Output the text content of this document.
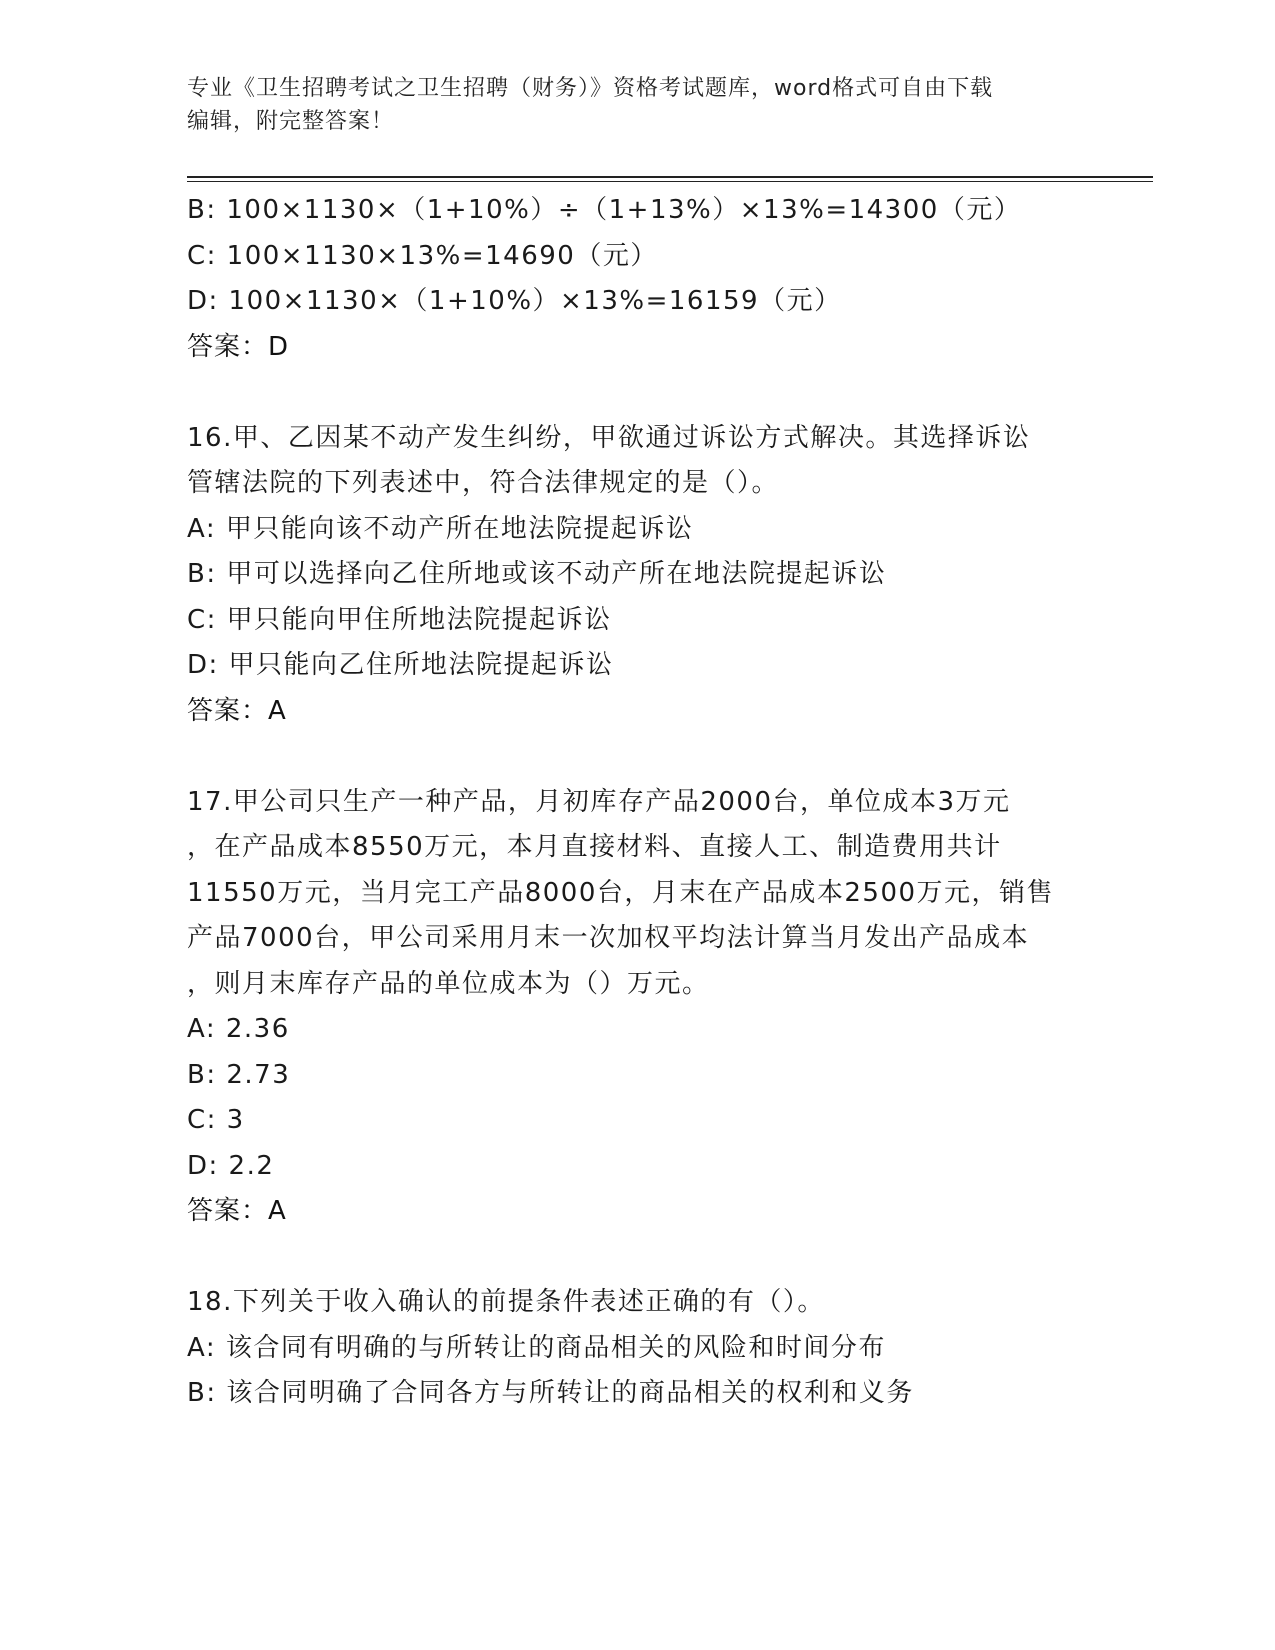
专业《卫生招聘考试之卫生招聘（财务）》资格考试题库，word格式可自由下载
编辑，附完整答案！
B: 100×1130×（1+10%）÷（1+13%）×13%=14300（元）
C: 100×1130×13%=14690（元）
D: 100×1130×（1+10%）×13%=16159（元）
答案：D
16.甲、乙因某不动产发生纠纷，甲欲通过诉讼方式解决。其选择诉讼
管辖法院的下列表述中，符合法律规定的是（）。
A: 甲只能向该不动产所在地法院提起诉讼
B: 甲可以选择向乙住所地或该不动产所在地法院提起诉讼
C: 甲只能向甲住所地法院提起诉讼
D: 甲只能向乙住所地法院提起诉讼
答案：A
17.甲公司只生产一种产品，月初库存产品2000台，单位成本3万元
，在产品成本8550万元，本月直接材料、直接人工、制造费用共计
11550万元，当月完工产品8000台，月末在产品成本2500万元，销售
产品7000台，甲公司采用月末一次加权平均法计算当月发出产品成本
，则月末库存产品的单位成本为（）万元。
A: 2.36
B: 2.73
C: 3
D: 2.2
答案：A
18.下列关于收入确认的前提条件表述正确的有（）。
A: 该合同有明确的与所转让的商品相关的风险和时间分布
B: 该合同明确了合同各方与所转让的商品相关的权利和义务
